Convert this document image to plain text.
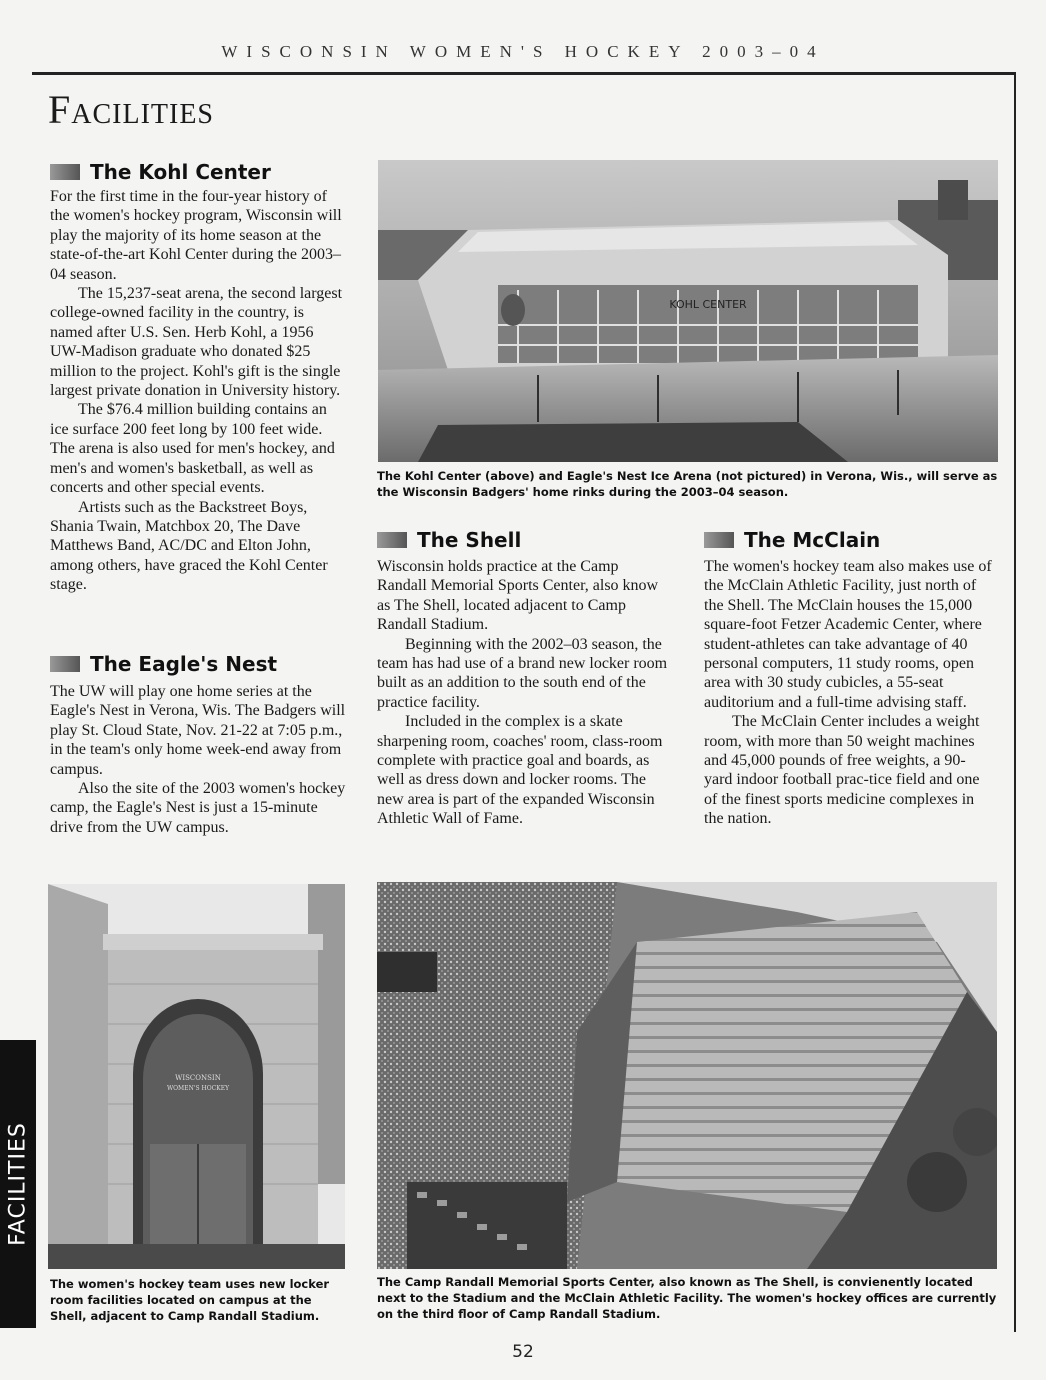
WISCONSIN WOMEN'S HOCKEY 2003–04
Facilities
The Kohl Center

For the first time in the four-year history of the women's hockey program, Wisconsin will play the majority of its home season at the state-of-the-art Kohl Center during the 2003–04 season.

The 15,237-seat arena, the second largest college-owned facility in the country, is named after U.S. Sen. Herb Kohl, a 1956 UW-Madison graduate who donated $25 million to the project. Kohl's gift is the single largest private donation in University history.

The $76.4 million building contains an ice surface 200 feet long by 100 feet wide. The arena is also used for men's hockey, and men's and women's basketball, as well as concerts and other special events.

Artists such as the Backstreet Boys, Shania Twain, Matchbox 20, The Dave Matthews Band, AC/DC and Elton John, among others, have graced the Kohl Center stage.

The Eagle's Nest

The UW will play one home series at the Eagle's Nest in Verona, Wis. The Badgers will play St. Cloud State, Nov. 21-22 at 7:05 p.m., in the team's only home week-end away from campus.

Also the site of the 2003 women's hockey camp, the Eagle's Nest is just a 15-minute drive from the UW campus.

KOHL CENTER
The Kohl Center (above) and Eagle's Nest Ice Arena (not pictured) in Verona, Wis., will serve as the Wisconsin Badgers' home rinks during the 2003–04 season.
The Shell

Wisconsin holds practice at the Camp Randall Memorial Sports Center, also know as The Shell, located adjacent to Camp Randall Stadium.

Beginning with the 2002–03 season, the team has had use of a brand new locker room built as an addition to the south end of the practice facility.

Included in the complex is a skate sharpening room, coaches' room, class-room complete with practice goal and boards, as well as dress down and locker rooms. The new area is part of the expanded Wisconsin Athletic Wall of Fame.

The McClain

The women's hockey team also makes use of the McClain Athletic Facility, just north of the Shell. The McClain houses the 15,000 square-foot Fetzer Academic Center, where student-athletes can take advantage of 40 personal computers, 11 study rooms, open area with 30 study cubicles, a 55-seat auditorium and a full-time advising staff.

The McClain Center includes a weight room, with more than 50 weight machines and 45,000 pounds of free weights, a 90-yard indoor football prac-tice field and one of the finest sports medicine complexes in the nation.

WISCONSIN
WOMEN'S HOCKEY
The women's hockey team uses new locker room facilities located on campus at the Shell, adjacent to Camp Randall Stadium.
The Camp Randall Memorial Sports Center, also known as The Shell, is convienently located next to the Stadium and the McClain Athletic Facility. The women's hockey offices are currently on the third floor of Camp Randall Stadium.
FACILITIES
52
